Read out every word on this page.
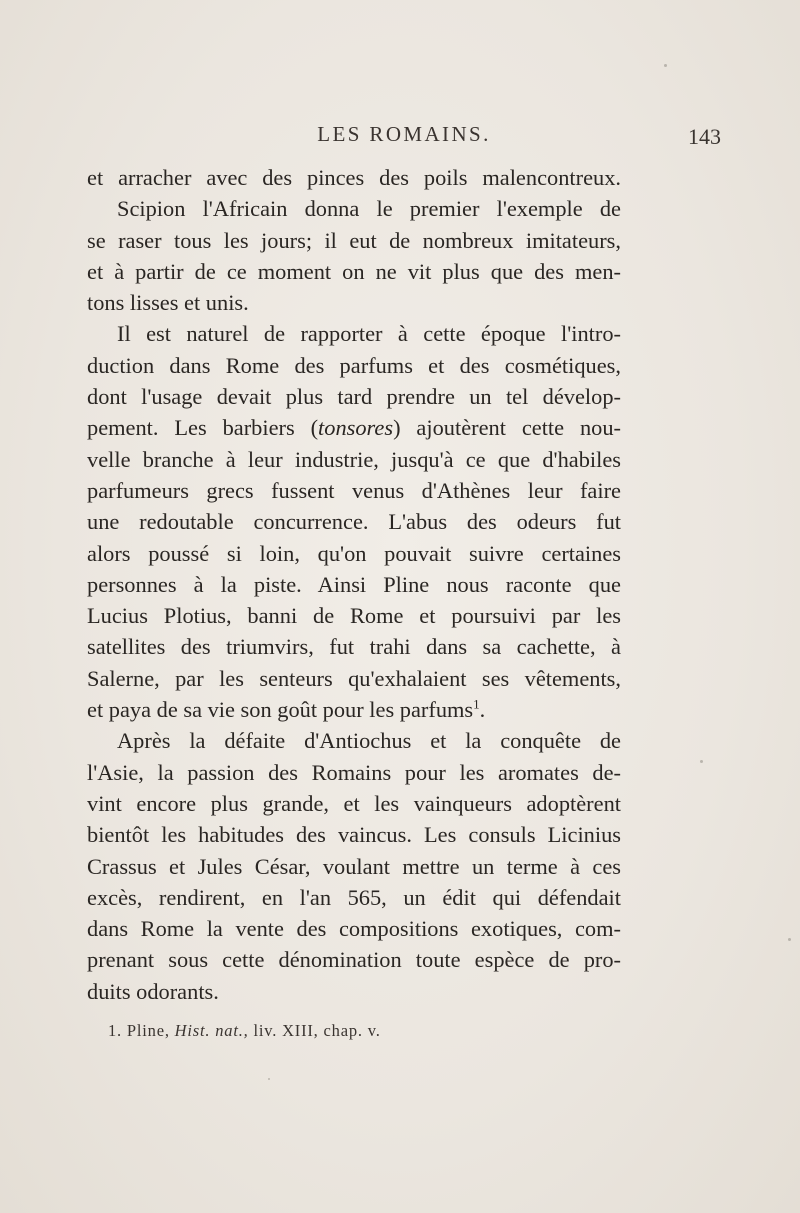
LES ROMAINS.	143
et arracher avec des pinces des poils malencontreux.
Scipion l'Africain donna le premier l'exemple de
se raser tous les jours; il eut de nombreux imitateurs,
et à partir de ce moment on ne vit plus que des men-
tons lisses et unis.
Il est naturel de rapporter à cette époque l'intro-
duction dans Rome des parfums et des cosmétiques,
dont l'usage devait plus tard prendre un tel dévelop-
pement. Les barbiers (tonsores) ajoutèrent cette nou-
velle branche à leur industrie, jusqu'à ce que d'habiles
parfumeurs grecs fussent venus d'Athènes leur faire
une redoutable concurrence. L'abus des odeurs fut
alors poussé si loin, qu'on pouvait suivre certaines
personnes à la piste. Ainsi Pline nous raconte que
Lucius Plotius, banni de Rome et poursuivi par les
satellites des triumvirs, fut trahi dans sa cachette, à
Salerne, par les senteurs qu'exhalaient ses vêtements,
et paya de sa vie son goût pour les parfums$^1$.
Après la défaite d'Antiochus et la conquête de
l'Asie, la passion des Romains pour les aromates de-
vint encore plus grande, et les vainqueurs adoptèrent
bientôt les habitudes des vaincus. Les consuls Licinius
Crassus et Jules César, voulant mettre un terme à ces
excès, rendirent, en l'an 565, un édit qui défendait
dans Rome la vente des compositions exotiques, com-
prenant sous cette dénomination toute espèce de pro-
duits odorants.
1. Pline, Hist. nat., liv. XIII, chap. v.
